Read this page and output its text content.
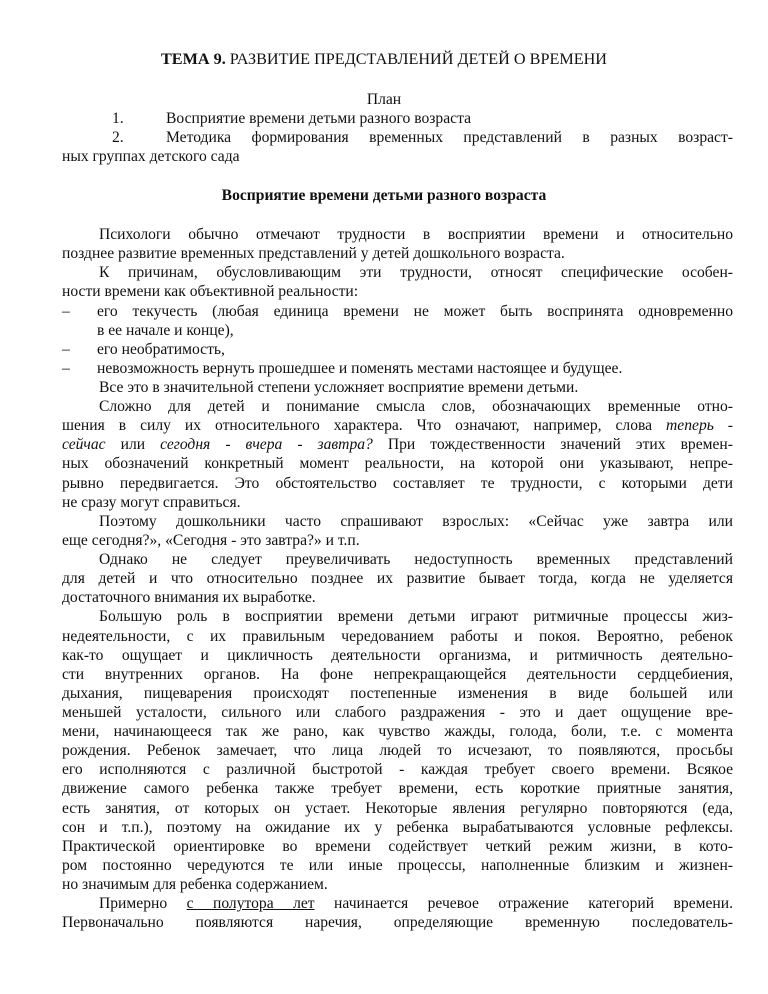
ТЕМА 9. РАЗВИТИЕ ПРЕДСТАВЛЕНИЙ ДЕТЕЙ О ВРЕМЕНИ
План
1.	Восприятие времени детьми разного возраста
2.	Методика формирования временных представлений в разных возраст-
ных группах детского сада
Восприятие времени детьми разного возраста
Психологи обычно отмечают трудности в восприятии времени и относительно
позднее развитие временных представлений у детей дошкольного возраста.
К причинам, обусловливающим эти трудности, относят специфические особен-
ности времени как объективной реальности:
– его текучесть (любая единица времени не может быть воспринята одновременно
в ее начале и конце),
– его необратимость,
– невозможность вернуть прошедшее и поменять местами настоящее и будущее.
Все это в значительной степени усложняет восприятие времени детьми.
Сложно для детей и понимание смысла слов, обозначающих временные отно-
шения в силу их относительного характера. Что означают, например, слова теперь -
сейчас или сегодня - вчера - завтра? При тождественности значений этих времен-
ных обозначений конкретный момент реальности, на которой они указывают, непре-
рывно передвигается. Это обстоятельство составляет те трудности, с которыми дети
не сразу могут справиться.
Поэтому дошкольники часто спрашивают взрослых: «Сейчас уже завтра или
еще сегодня?», «Сегодня - это завтра?» и т.п.
Однако не следует преувеличивать недоступность временных представлений
для детей и что относительно позднее их развитие бывает тогда, когда не уделяется
достаточного внимания их выработке.
Большую роль в восприятии времени детьми играют ритмичные процессы жиз-
недеятельности, с их правильным чередованием работы и покоя. Вероятно, ребенок
как-то ощущает и цикличность деятельности организма, и ритмичность деятельно-
сти внутренних органов. На фоне непрекращающейся деятельности сердцебиения,
дыхания, пищеварения происходят постепенные изменения в виде большей или
меньшей усталости, сильного или слабого раздражения - это и дает ощущение вре-
мени, начинающееся так же рано, как чувство жажды, голода, боли, т.е. с момента
рождения. Ребенок замечает, что лица людей то исчезают, то появляются, просьбы
его исполняются с различной быстротой - каждая требует своего времени. Всякое
движение самого ребенка также требует времени, есть короткие приятные занятия,
есть занятия, от которых он устает. Некоторые явления регулярно повторяются (еда,
сон и т.п.), поэтому на ожидание их у ребенка вырабатываются условные рефлексы.
Практической ориентировке во времени содействует четкий режим жизни, в кото-
ром постоянно чередуются те или иные процессы, наполненные близким и жизнен-
но значимым для ребенка содержанием.
Примерно с полутора лет начинается речевое отражение категорий времени.
Первоначально появляются наречия, определяющие временную последователь-
